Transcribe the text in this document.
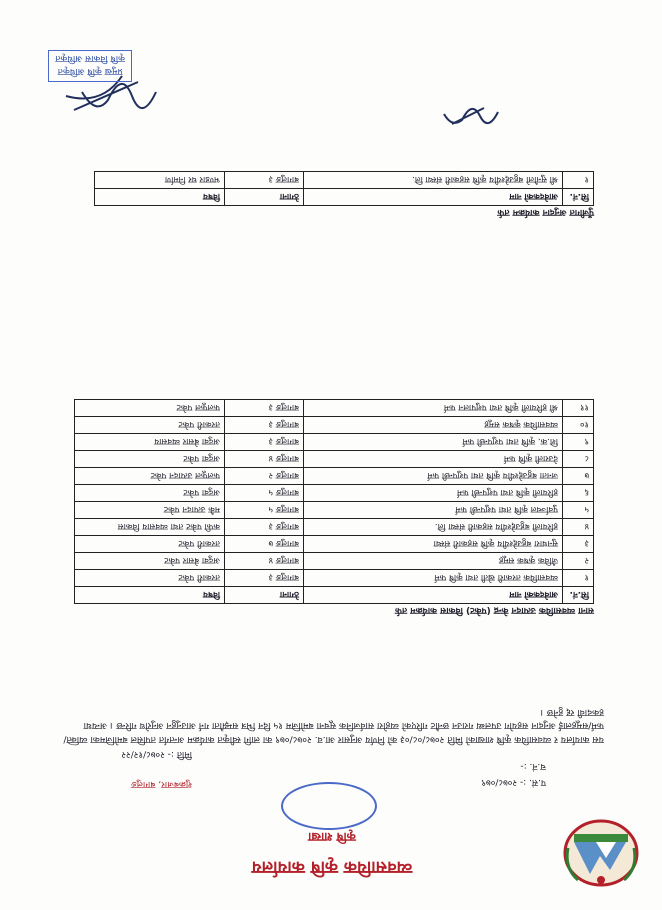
व्यवसायिक कृषि कार्यालय
कृषि शाखा
प.सं. :- २०७८/०७९
च.नं. :-
शुक्रबजार, बागलुङ
मिति :- २०७८/१२/२२
यस कार्यालय र व्यवसायिक कृषि शाखाको मिति २०७८/०८/०३ को निर्णय अनुसार आ.व. २०७८/०७९ का लागि स्वीकृत कार्यक्रम अन्तर्गत तपसिल बमोजिमका व्यक्ति/फर्म/समूहलाई अनुदान सहयोग उपलब्ध गराउन छनौट गरिएको व्यहोरा सार्वजनिक सूचना बमोजिम १५ दिन भित्र सम्झौता गर्न आउनुहुन अनुरोध गरिन्छ । अन्यथा हकदावी रद्द हुनेछ ।
साना व्यवसायिक उत्पादन केन्द्र (पकेट) विकास कार्यक्रम तर्फ
सि.नं.	आवेदकको नाम	ठेगाना	विषय
१	व्यवसायिक तरकारी खेती तथा कृषि फर्म	बागलुङ ३	तरकारी पकेट
२	जैविक कृषक समूह	बागलुङ ४	अदुवा बेसार पकेट
३	सुनधारा बहुउद्देश्यीय कृषि सहकारी संस्था	बागलुङ ७	तरकारी पकेट
४	हरियाली बहुउद्देश्यीय सहकारी संस्था लि.	बागलुङ ३	कफी पकेट तथा व्यवसाय विकास
५	पुर्वाञ्चल कृषि तथा पशुपन्छी फर्म	बागलुङ ५	मकै उत्पादन पकेट
६	हरियाली कृषि तथा पशुपन्छी फर्म	बागलुङ ५	अदुवा पकेट
७	जनता बहुउद्देश्यीय कृषि तथा पशुपन्छी फर्म	बागलुङ २	फलफूल उत्पादन पकेट
८	देउराली कृषि फर्म	बागलुङ ४	अदुवा पकेट
९	शि.क. कृषि तथा पशुपन्छी फर्म	बागलुङ ३	अदुवा बेसार व्यवसाय
१०	व्यवसायिक कृषक समूह	बागलुङ ३	तरकारी पकेट
११	श्री हरियाली कृषि तथा पशुपालन फर्म	बागलुङ ३	फलफूल पकेट
पुँजीगत अनुदान कार्यक्रम तर्फ
सि.नं.	आवेदकको नाम	ठेगाना	विषय
१	श्री सुनौलो बहुउद्देश्यीय कृषि सहकारी संस्था लि.	बागलुङ ३	भण्डार घर निर्माण
प्रमुख कृषि अधिकृत
कृषि विकास अधिकृत
